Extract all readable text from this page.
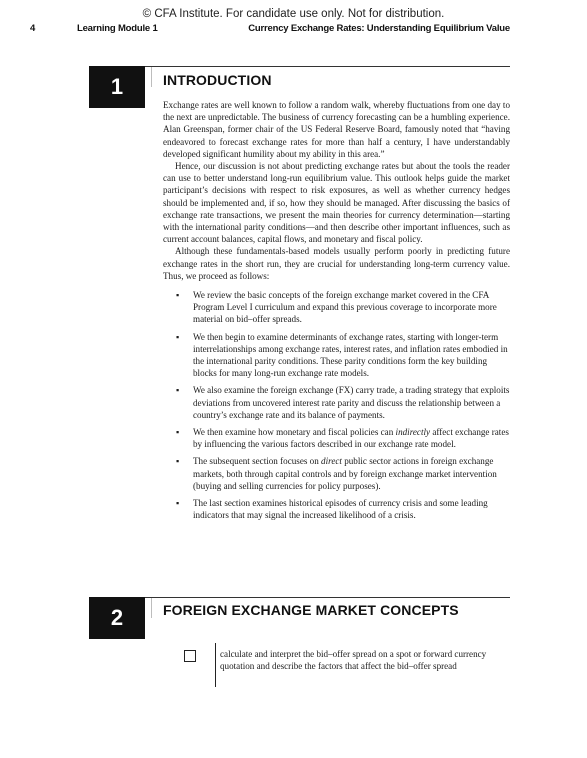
© CFA Institute. For candidate use only. Not for distribution.
4	Learning Module 1	Currency Exchange Rates: Understanding Equilibrium Value
1	INTRODUCTION

Exchange rates are well known to follow a random walk, whereby fluctuations from one day to the next are unpredictable. The business of currency forecasting can be a humbling experience. Alan Greenspan, former chair of the US Federal Reserve Board, famously noted that “having endeavored to forecast exchange rates for more than half a century, I have understandably developed significant humility about my ability in this area.”

Hence, our discussion is not about predicting exchange rates but about the tools the reader can use to better understand long-run equilibrium value. This outlook helps guide the market participant’s decisions with respect to risk exposures, as well as whether currency hedges should be implemented and, if so, how they should be managed. After discussing the basics of exchange rate transactions, we present the main theories for currency determination—starting with the international parity conditions—and then describe other important influences, such as current account balances, capital flows, and monetary and fiscal policy.

Although these fundamentals-based models usually perform poorly in predicting future exchange rates in the short run, they are crucial for understanding long-term currency value. Thus, we proceed as follows:

▪ We review the basic concepts of the foreign exchange market covered in the CFA Program Level I curriculum and expand this previous coverage to incorporate more material on bid–offer spreads.
▪ We then begin to examine determinants of exchange rates, starting with longer-term interrelationships among exchange rates, interest rates, and inflation rates embodied in the international parity conditions. These parity conditions form the key building blocks for many long-run exchange rate models.
▪ We also examine the foreign exchange (FX) carry trade, a trading strategy that exploits deviations from uncovered interest rate parity and discuss the relationship between a country’s exchange rate and its balance of payments.
▪ We then examine how monetary and fiscal policies can indirectly affect exchange rates by influencing the various factors described in our exchange rate model.
▪ The subsequent section focuses on direct public sector actions in foreign exchange markets, both through capital controls and by foreign exchange market intervention (buying and selling currencies for policy purposes).
▪ The last section examines historical episodes of currency crisis and some leading indicators that may signal the increased likelihood of a crisis.
2	FOREIGN EXCHANGE MARKET CONCEPTS
calculate and interpret the bid–offer spread on a spot or forward currency quotation and describe the factors that affect the bid–offer spread
